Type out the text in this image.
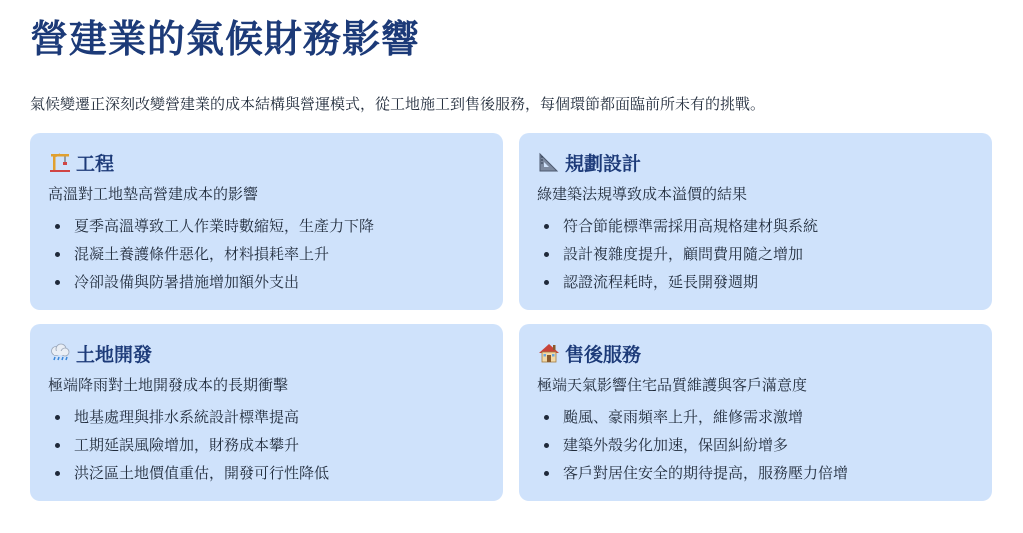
營建業的氣候財務影響

氣候變遷正深刻改變營建業的成本結構與營運模式，從工地施工到售後服務，每個環節都面臨前所未有的挑戰。

工程
高溫對工地墊高營建成本的影響
夏季高溫導致工人作業時數縮短，生產力下降
混凝土養護條件惡化，材料損耗率上升
冷卻設備與防暑措施增加額外支出
規劃設計
綠建築法規導致成本溢價的結果
符合節能標準需採用高規格建材與系統
設計複雜度提升，顧問費用隨之增加
認證流程耗時，延長開發週期
土地開發
極端降雨對土地開發成本的長期衝擊
地基處理與排水系統設計標準提高
工期延誤風險增加，財務成本攀升
洪泛區土地價值重估，開發可行性降低
售後服務
極端天氣影響住宅品質維護與客戶滿意度
颱風、豪雨頻率上升，維修需求激增
建築外殼劣化加速，保固糾紛增多
客戶對居住安全的期待提高，服務壓力倍增
